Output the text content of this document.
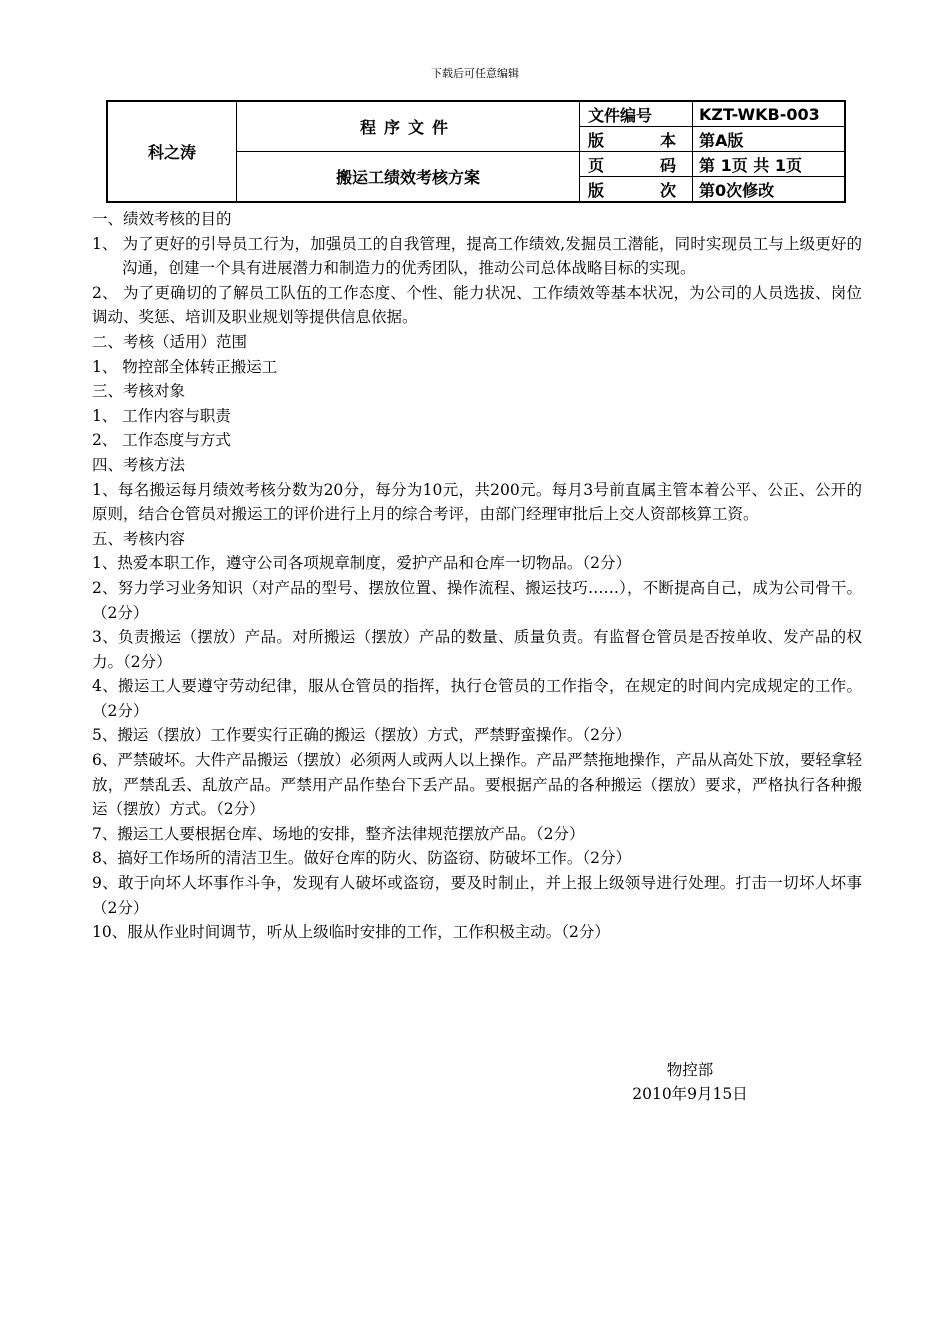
下载后可任意编辑
科之涛	程序文件	文件编号	KZT-WKB-003

		版 本	第A版
	搬运工绩效考核方案	页 码	第 1页 共 1页

		版 次	第0次修改

一、绩效考核的目的

1、 为了更好的引导员工行为，加强员工的自我管理，提高工作绩效,发掘员工潜能，同时实现员工与上级更好的沟通，创建一个具有进展潜力和制造力的优秀团队，推动公司总体战略目标的实现。

2、 为了更确切的了解员工队伍的工作态度、个性、能力状况、工作绩效等基本状况，为公司的人员选拔、岗位调动、奖惩、培训及职业规划等提供信息依据。

二、考核（适用）范围

1、 物控部全体转正搬运工

三、考核对象

1、 工作内容与职责

2、 工作态度与方式

四、考核方法

1、每名搬运每月绩效考核分数为20分，每分为10元，共200元。每月3号前直属主管本着公平、公正、公开的原则，结合仓管员对搬运工的评价进行上月的综合考评，由部门经理审批后上交人资部核算工资。

五、考核内容

1、热爱本职工作，遵守公司各项规章制度，爱护产品和仓库一切物品。（2分）

2、努力学习业务知识（对产品的型号、摆放位置、操作流程、搬运技巧……），不断提高自己，成为公司骨干。（2分）

3、负责搬运（摆放）产品。对所搬运（摆放）产品的数量、质量负责。有监督仓管员是否按单收、发产品的权力。（2分）

4、搬运工人要遵守劳动纪律，服从仓管员的指挥，执行仓管员的工作指令，在规定的时间内完成规定的工作。（2分）

5、搬运（摆放）工作要实行正确的搬运（摆放）方式，严禁野蛮操作。（2分）

6、严禁破坏。大件产品搬运（摆放）必须两人或两人以上操作。产品严禁拖地操作，产品从高处下放，要轻拿轻放，严禁乱丢、乱放产品。严禁用产品作垫台下丢产品。要根据产品的各种搬运（摆放）要求，严格执行各种搬运（摆放）方式。（2分）

7、搬运工人要根据仓库、场地的安排，整齐法律规范摆放产品。（2分）

8、搞好工作场所的清洁卫生。做好仓库的防火、防盗窃、防破坏工作。（2分）

9、敢于向坏人坏事作斗争，发现有人破坏或盗窃，要及时制止，并上报上级领导进行处理。打击一切坏人坏事（2分）

10、服从作业时间调节，听从上级临时安排的工作，工作积极主动。（2分）

物控部
2010年9月15日
